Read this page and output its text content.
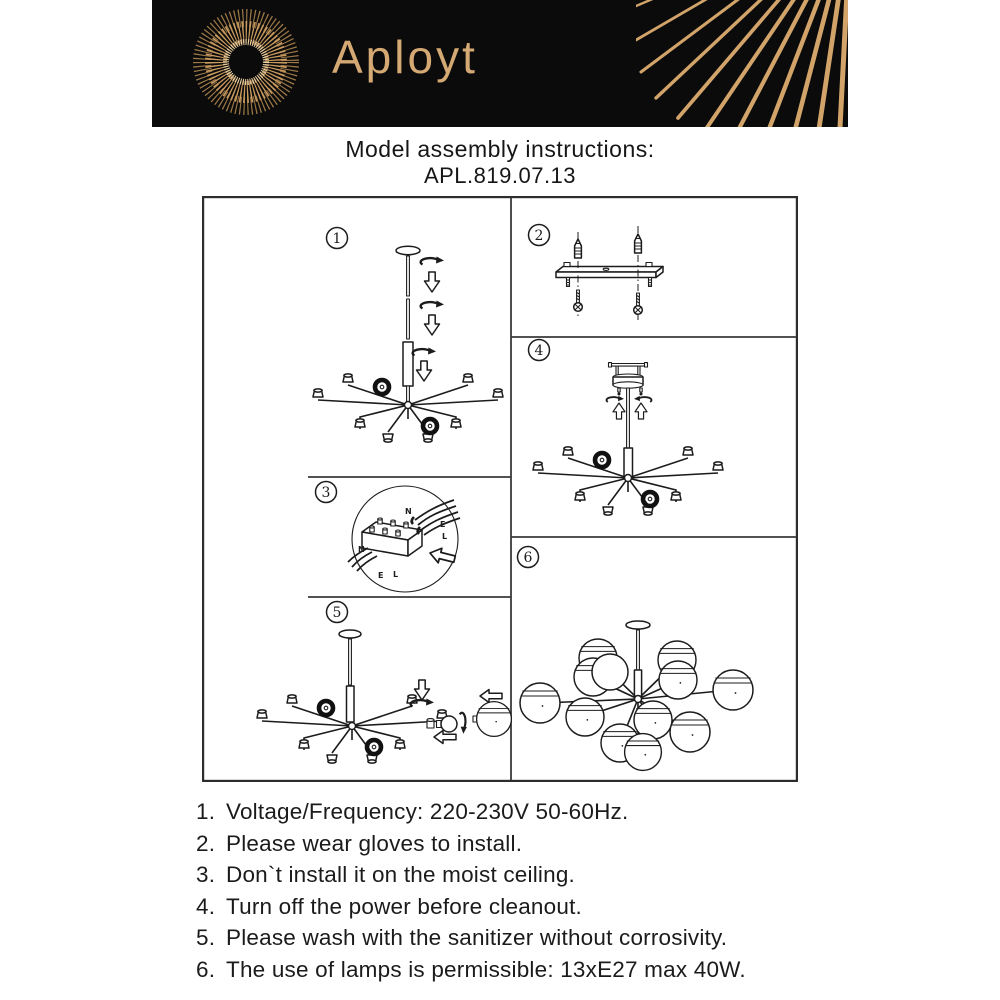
Aployt
Model assembly instructions:
APL.819.07.13
1	2
3
4
5
6
N
E
L
N
E L
1. Voltage/Frequency: 220-230V 50-60Hz.
2. Please wear gloves to install.
3. Don`t install it on the moist ceiling.
4. Turn off the power before cleanout.
5. Please wash with the sanitizer without corrosivity.
6. The use of lamps is permissible: 13xE27 max 40W.
